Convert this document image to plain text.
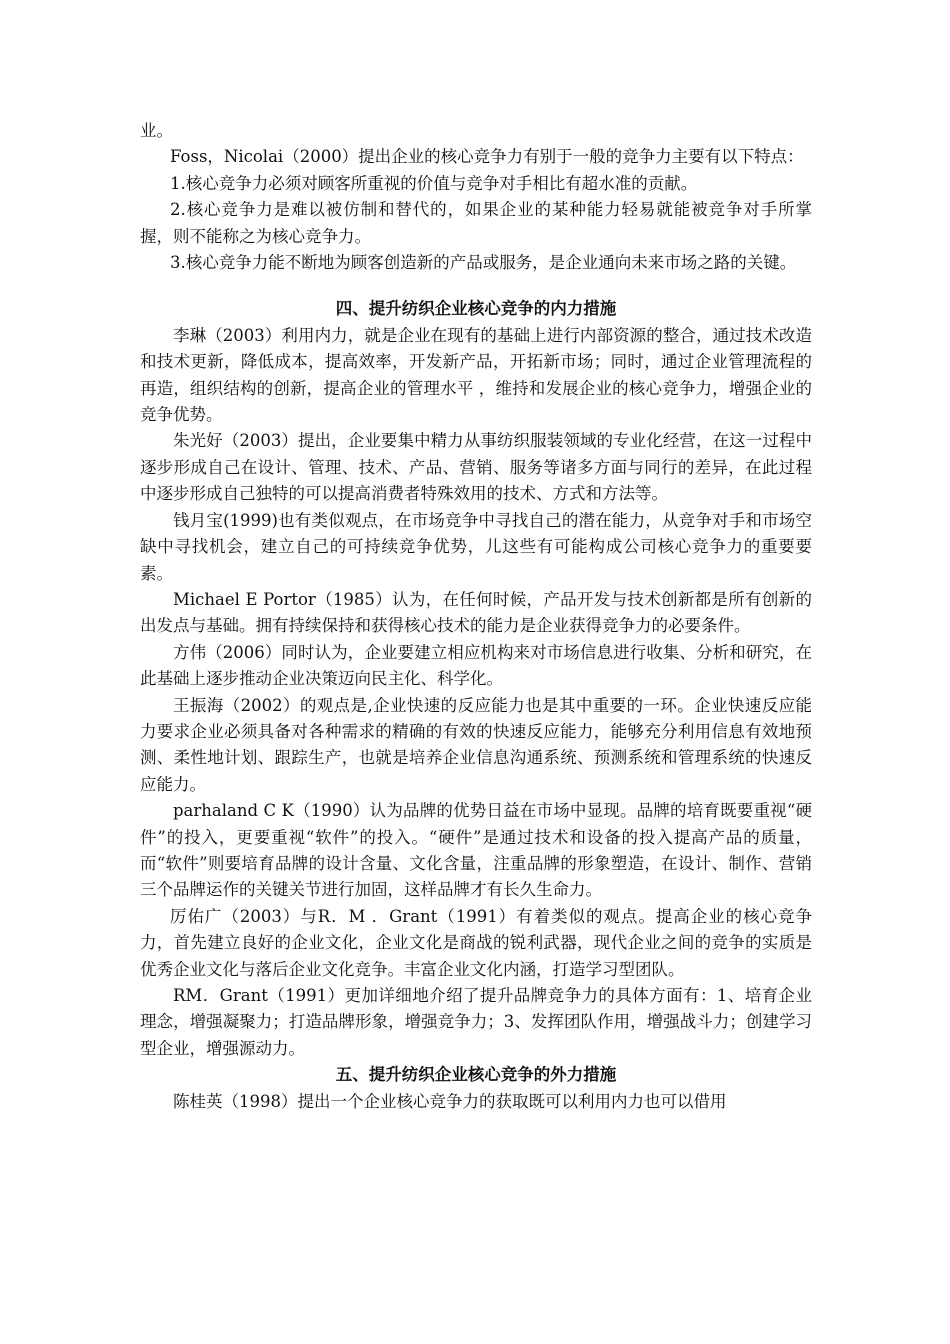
业。

Foss，Nicolai（2000）提出企业的核心竞争力有别于一般的竞争力主要有以下特点：

1.核心竞争力必须对顾客所重视的价值与竞争对手相比有超水准的贡献。

2.核心竞争力是难以被仿制和替代的，如果企业的某种能力轻易就能被竞争对手所掌握，则不能称之为核心竞争力。

3.核心竞争力能不断地为顾客创造新的产品或服务，是企业通向未来市场之路的关键。

四、提升纺织企业核心竞争的内力措施

李琳（2003）利用内力，就是企业在现有的基础上进行内部资源的整合，通过技术改造和技术更新，降低成本，提高效率，开发新产品，开拓新市场；同时，通过企业管理流程的再造，组织结构的创新，提高企业的管理水平 ，维持和发展企业的核心竞争力，增强企业的竞争优势。

朱光好（2003）提出，企业要集中精力从事纺织服装领域的专业化经营，在这一过程中逐步形成自己在设计、管理、技术、产品、营销、服务等诸多方面与同行的差异，在此过程中逐步形成自己独特的可以提高消费者特殊效用的技术、方式和方法等。

钱月宝(1999)也有类似观点，在市场竞争中寻找自己的潜在能力，从竞争对手和市场空缺中寻找机会，建立自己的可持续竞争优势，儿这些有可能构成公司核心竞争力的重要要素。

Michael E Portor（1985）认为，在任何时候，产品开发与技术创新都是所有创新的出发点与基础。拥有持续保持和获得核心技术的能力是企业获得竞争力的必要条件。

方伟（2006）同时认为，企业要建立相应机构来对市场信息进行收集、分析和研究，在此基础上逐步推动企业决策迈向民主化、科学化。

王振海（2002）的观点是,企业快速的反应能力也是其中重要的一环。企业快速反应能力要求企业必须具备对各种需求的精确的有效的快速反应能力，能够充分利用信息有效地预测、柔性地计划、跟踪生产，也就是培养企业信息沟通系统、预测系统和管理系统的快速反应能力。

parhaland C K（1990）认为品牌的优势日益在市场中显现。品牌的培育既要重视“硬件”的投入，更要重视“软件”的投入。“硬件”是通过技术和设备的投入提高产品的质量，而“软件”则要培育品牌的设计含量、文化含量，注重品牌的形象塑造，在设计、制作、营销三个品牌运作的关键关节进行加固，这样品牌才有长久生命力。

厉佑广（2003）与R．M ．Grant（1991）有着类似的观点。提高企业的核心竞争力，首先建立良好的企业文化，企业文化是商战的锐利武器，现代企业之间的竞争的实质是优秀企业文化与落后企业文化竞争。丰富企业文化内涵，打造学习型团队。

RM．Grant（1991）更加详细地介绍了提升品牌竞争力的具体方面有：1、培育企业理念，增强凝聚力；打造品牌形象，增强竞争力；3、发挥团队作用，增强战斗力；创建学习型企业，增强源动力。

五、提升纺织企业核心竞争的外力措施

陈桂英（1998）提出一个企业核心竞争力的获取既可以利用内力也可以借用
